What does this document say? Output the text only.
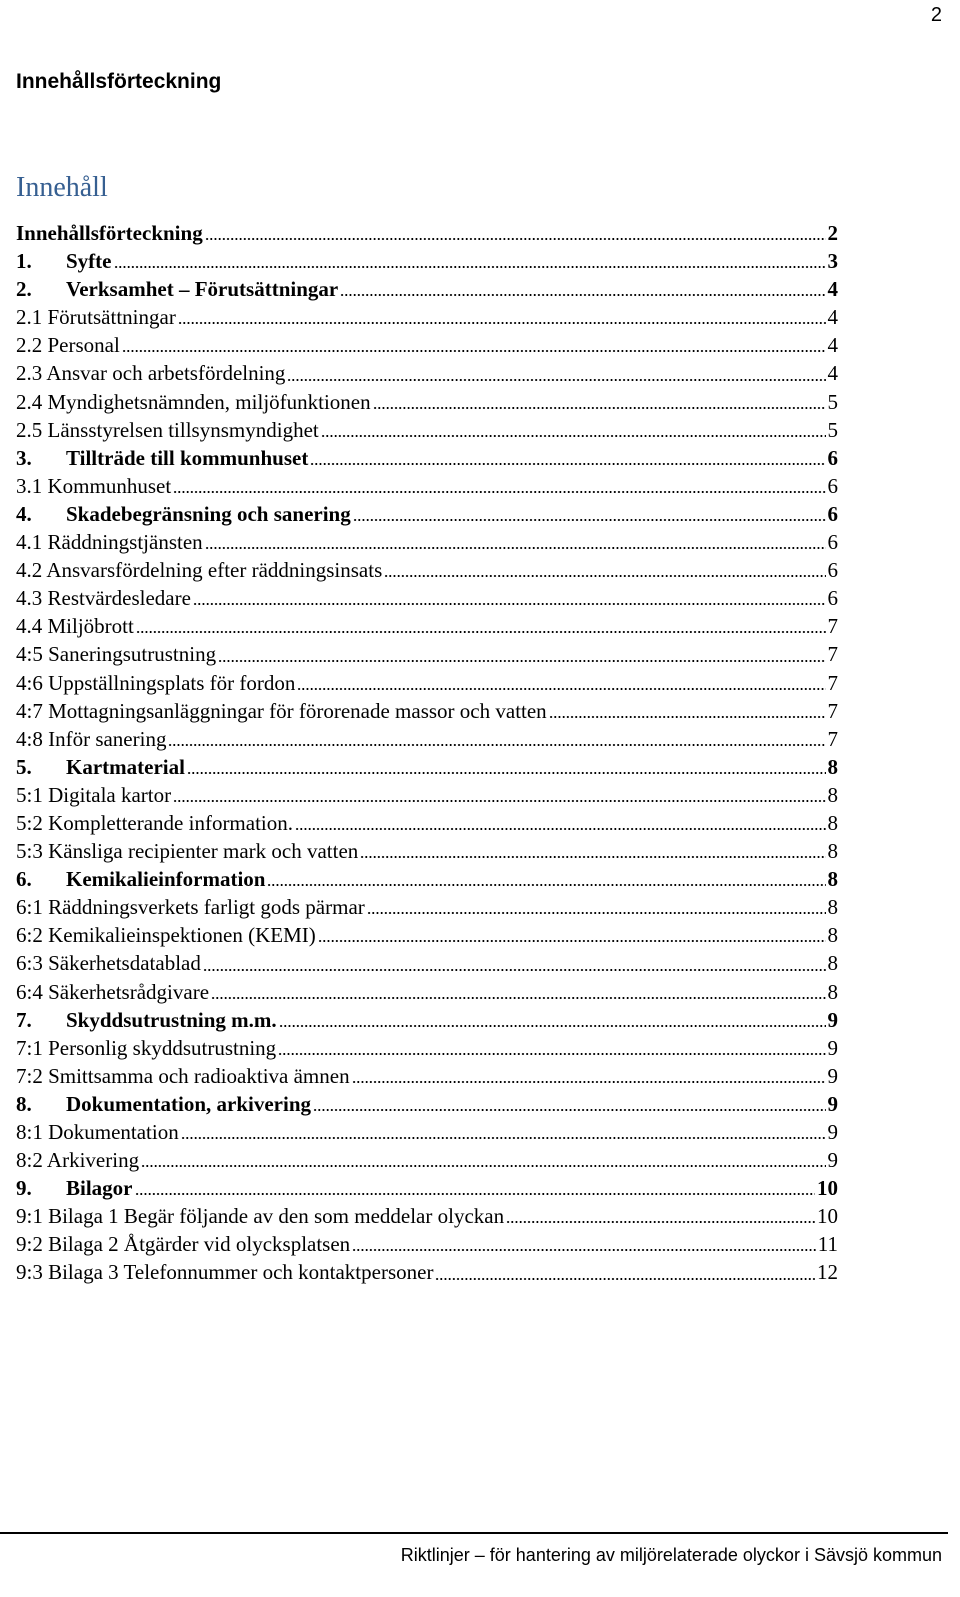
2
Innehållsförteckning
Innehåll
Innehållsförteckning	2
1.	Syfte	3
2.	Verksamhet – Förutsättningar	4
2.1 Förutsättningar	4
2.2 Personal	4
2.3 Ansvar och arbetsfördelning	4
2.4 Myndighetsnämnden, miljöfunktionen	5
2.5 Länsstyrelsen tillsynsmyndighet	5
3.	Tillträde till kommunhuset	6
3.1 Kommunhuset	6
4.	Skadebegränsning och sanering	6
4.1 Räddningstjänsten	6
4.2 Ansvarsfördelning efter räddningsinsats	6
4.3 Restvärdesledare	6
4.4 Miljöbrott	7
4:5 Saneringsutrustning	7
4:6 Uppställningsplats för fordon	7
4:7 Mottagningsanläggningar för förorenade massor och vatten	7
4:8 Inför sanering	7
5.	Kartmaterial	8
5:1 Digitala kartor	8
5:2 Kompletterande information.	8
5:3 Känsliga recipienter mark och vatten	8
6.	Kemikalieinformation	8
6:1 Räddningsverkets farligt gods pärmar	8
6:2 Kemikalieinspektionen (KEMI)	8
6:3 Säkerhetsdatablad	8
6:4 Säkerhetsrådgivare	8
7.	Skyddsutrustning m.m.	9
7:1 Personlig skyddsutrustning	9
7:2 Smittsamma och radioaktiva ämnen	9
8.	Dokumentation, arkivering	9
8:1 Dokumentation	9
8:2 Arkivering	9
9.	Bilagor	10
9:1 Bilaga 1 Begär följande av den som meddelar olyckan	10
9:2 Bilaga 2 Åtgärder vid olycksplatsen	11
9:3 Bilaga 3 Telefonnummer och kontaktpersoner	12
Riktlinjer – för hantering av miljörelaterade olyckor i Sävsjö kommun
